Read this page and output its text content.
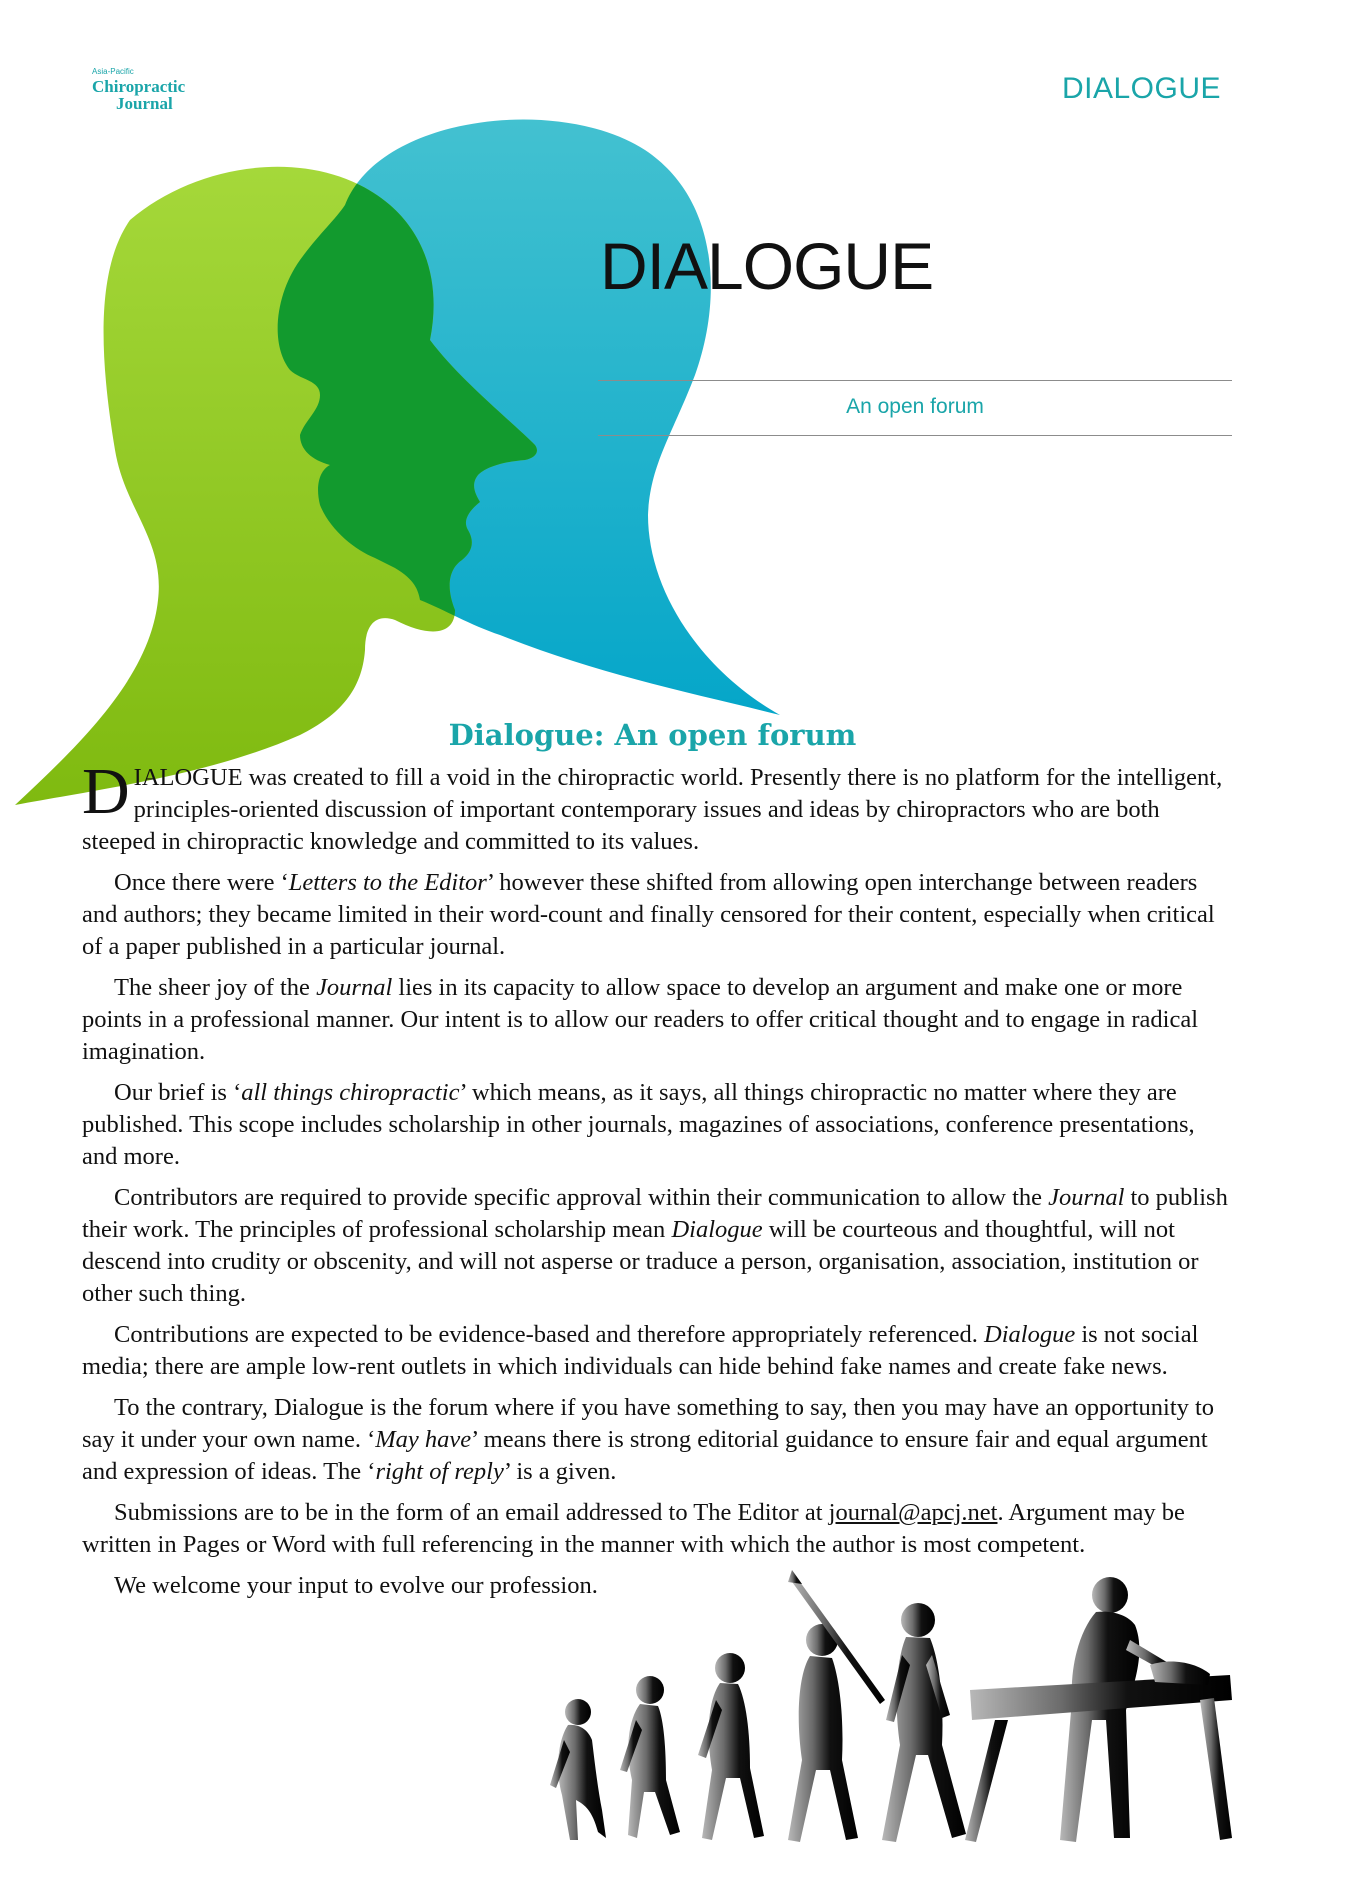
Asia-Pacific
Chiropractic
Journal	DIALOGUE
DIALOGUE
An open forum
Dialogue: An open forum

DIALOGUE was created to fill a void in the chiropractic world. Presently there is no platform for the intelligent, principles-oriented discussion of important contemporary issues and ideas by chiropractors who are both steeped in chiropractic knowledge and committed to its values.

Once there were ‘Letters to the Editor’ however these shifted from allowing open interchange between readers and authors; they became limited in their word-count and finally censored for their content, especially when critical of a paper published in a particular journal.

The sheer joy of the Journal lies in its capacity to allow space to develop an argument and make one or more points in a professional manner. Our intent is to allow our readers to offer critical thought and to engage in radical imagination.

Our brief is ‘all things chiropractic’ which means, as it says, all things chiropractic no matter where they are published. This scope includes scholarship in other journals, magazines of associations, conference presentations, and more.

Contributors are required to provide specific approval within their communication to allow the Journal to publish their work. The principles of professional scholarship mean Dialogue will be courteous and thoughtful, will not descend into crudity or obscenity, and will not asperse or traduce a person, organisation, association, institution or other such thing.

Contributions are expected to be evidence-based and therefore appropriately referenced. Dialogue is not social media; there are ample low-rent outlets in which individuals can hide behind fake names and create fake news.

To the contrary, Dialogue is the forum where if you have something to say, then you may have an opportunity to say it under your own name. ‘May have’ means there is strong editorial guidance to ensure fair and equal argument and expression of ideas. The ‘right of reply’ is a given.

Submissions are to be in the form of an email addressed to The Editor at journal@apcj.net. Argument may be written in Pages or Word with full referencing in the manner with which the author is most competent.

We welcome your input to evolve our profession.
